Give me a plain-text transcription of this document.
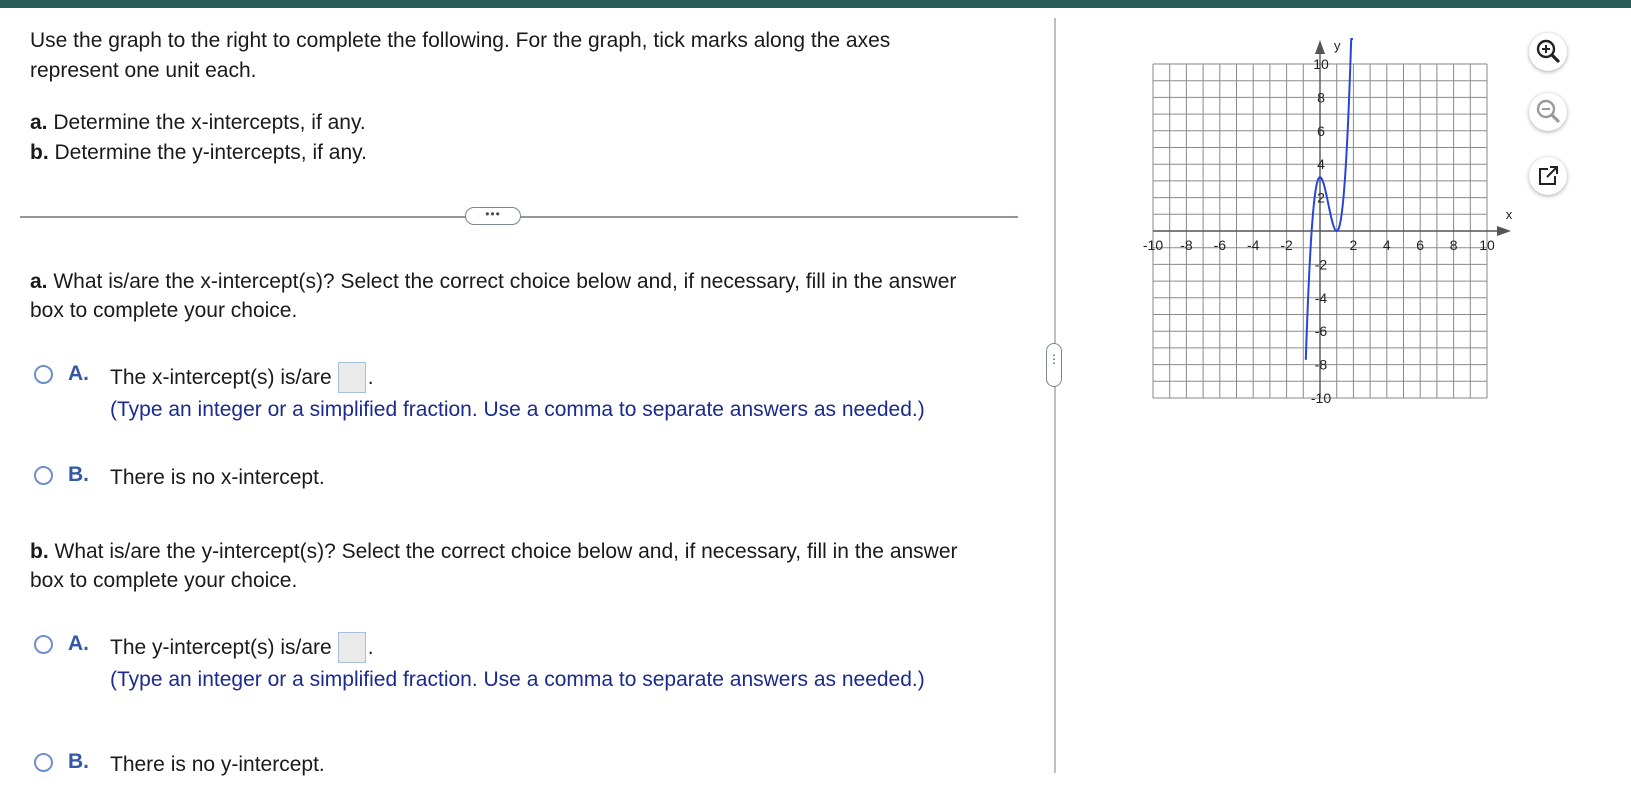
Use the graph to the right to complete the following. For the graph, tick marks along the axes
represent one unit each.
a. Determine the x-intercepts, if any.
b. Determine the y-intercepts, if any.
•••
a. What is/are the x-intercept(s)? Select the correct choice below and, if necessary, fill in the answer box to complete your choice.
A. The x-intercept(s) is/are .
(Type an integer or a simplified fraction. Use a comma to separate answers as needed.)
B. There is no x-intercept.
b. What is/are the y-intercept(s)? Select the correct choice below and, if necessary, fill in the answer box to complete your choice.
A. The y-intercept(s) is/are .
(Type an integer or a simplified fraction. Use a comma to separate answers as needed.)
B. There is no y-intercept.
⋮
-10 -8 -6 -4 -2	2 4 6 8 10
10
8
6
4
2
-2
-4
-6
-8
-10
x
y
